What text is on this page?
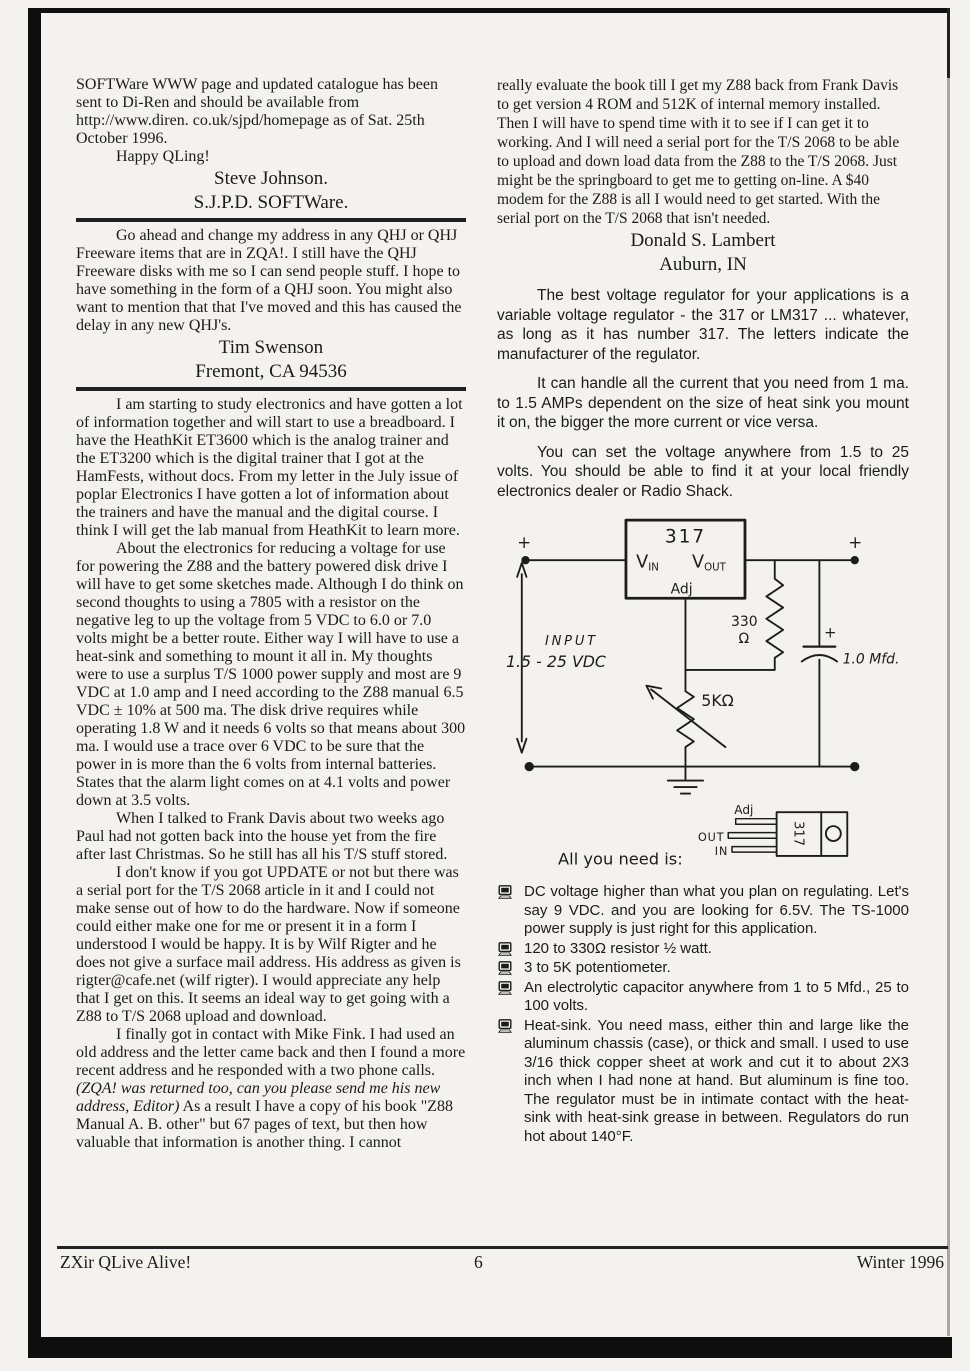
SOFTWare WWW page and updated catalogue has been sent to Di-Ren and should be available from http://www.diren. co.uk/sjpd/homepage as of Sat. 25th October 1996.

Happy QLing!

Steve Johnson.
S.J.P.D. SOFTWare.

Go ahead and change my address in any QHJ or QHJ Freeware items that are in ZQA!. I still have the QHJ Freeware disks with me so I can send people stuff. I hope to have something in the form of a QHJ soon. You might also want to mention that that I've moved and this has caused the delay in any new QHJ's.

Tim Swenson
Fremont, CA 94536

I am starting to study electronics and have gotten a lot of information together and will start to use a breadboard. I have the HeathKit ET3600 which is the analog trainer and the ET3200 which is the digital trainer that I got at the HamFests, without docs. From my letter in the July issue of poplar Electronics I have gotten a lot of information about the trainers and have the manual and the digital course. I think I will get the lab manual from HeathKit to learn more.

About the electronics for reducing a voltage for use for powering the Z88 and the battery powered disk drive I will have to get some sketches made. Although I do think on second thoughts to using a 7805 with a resistor on the negative leg to up the voltage from 5 VDC to 6.0 or 7.0 volts might be a better route. Either way I will have to use a heat-sink and something to mount it all in. My thoughts were to use a surplus T/S 1000 power supply and most are 9 VDC at 1.0 amp and I need according to the Z88 manual 6.5 VDC ± 10% at 500 ma. The disk drive requires while operating 1.8 W and it needs 6 volts so that means about 300 ma. I would use a trace over 6 VDC to be sure that the power in is more than the 6 volts from internal batteries. States that the alarm light comes on at 4.1 volts and power down at 3.5 volts.

When I talked to Frank Davis about two weeks ago Paul had not gotten back into the house yet from the fire after last Christmas. So he still has all his T/S stuff stored.

I don't know if you got UPDATE or not but there was a serial port for the T/S 2068 article in it and I could not make sense out of how to do the hardware. Now if someone could either make one for me or present it in a form I understood I would be happy. It is by Wilf Rigter and he does not give a surface mail address. His address as given is rigter@cafe.net (wilf rigter). I would appreciate any help that I get on this. It seems an ideal way to get going with a Z88 to T/S 2068 upload and download.

I finally got in contact with Mike Fink. I had used an old address and the letter came back and then I found a more recent address and he responded with a two phone calls. (ZQA! was returned too, can you please send me his new address, Editor) As a result I have a copy of his book "Z88 Manual A. B. other" but 67 pages of text, but then how valuable that information is another thing. I cannot

really evaluate the book till I get my Z88 back from Frank Davis to get version 4 ROM and 512K of internal memory installed. Then I will have to spend time with it to see if I can get it to working. And I will need a serial port for the T/S 2068 to be able to upload and down load data from the Z88 to the T/S 2068. Just might be the springboard to get me to getting on-line. A $40 modem for the Z88 is all I would need to get started. With the serial port on the T/S 2068 that isn't needed.

Donald S. Lambert
Auburn, IN

The best voltage regulator for your applications is a variable voltage regulator - the 317 or LM317 ... whatever, as long as it has number 317. The letters indicate the manufacturer of the regulator.

It can handle all the current that you need from 1 ma. to 1.5 AMPs dependent on the size of heat sink you mount it on, the bigger the more current or vice versa.

You can set the voltage anywhere from 1.5 to 25 volts. You should be able to find it at your local friendly electronics dealer or Radio Shack.

+	317
VIN VOUT
Adj
+
INPUT
1.5 - 25 VDC
330
Ω
5KΩ
+
1.0 Mfd.
Adj
OUT
IN
317
All you need is:
DC voltage higher than what you plan on regulating. Let's say 9 VDC. and you are looking for 6.5V. The TS-1000 power supply is just right for this application.
120 to 330Ω resistor ½ watt.
3 to 5K potentiometer.
An electrolytic capacitor anywhere from 1 to 5 Mfd., 25 to 100 volts.
Heat-sink. You need mass, either thin and large like the aluminum chassis (case), or thick and small. I used to use 3/16 thick copper sheet at work and cut it to about 2X3 inch when I had none at hand. But aluminum is fine too. The regulator must be in intimate contact with the heat-sink with heat-sink grease in between. Regulators do run hot about 140°F.
ZXir QLive Alive!	6	Winter 1996
